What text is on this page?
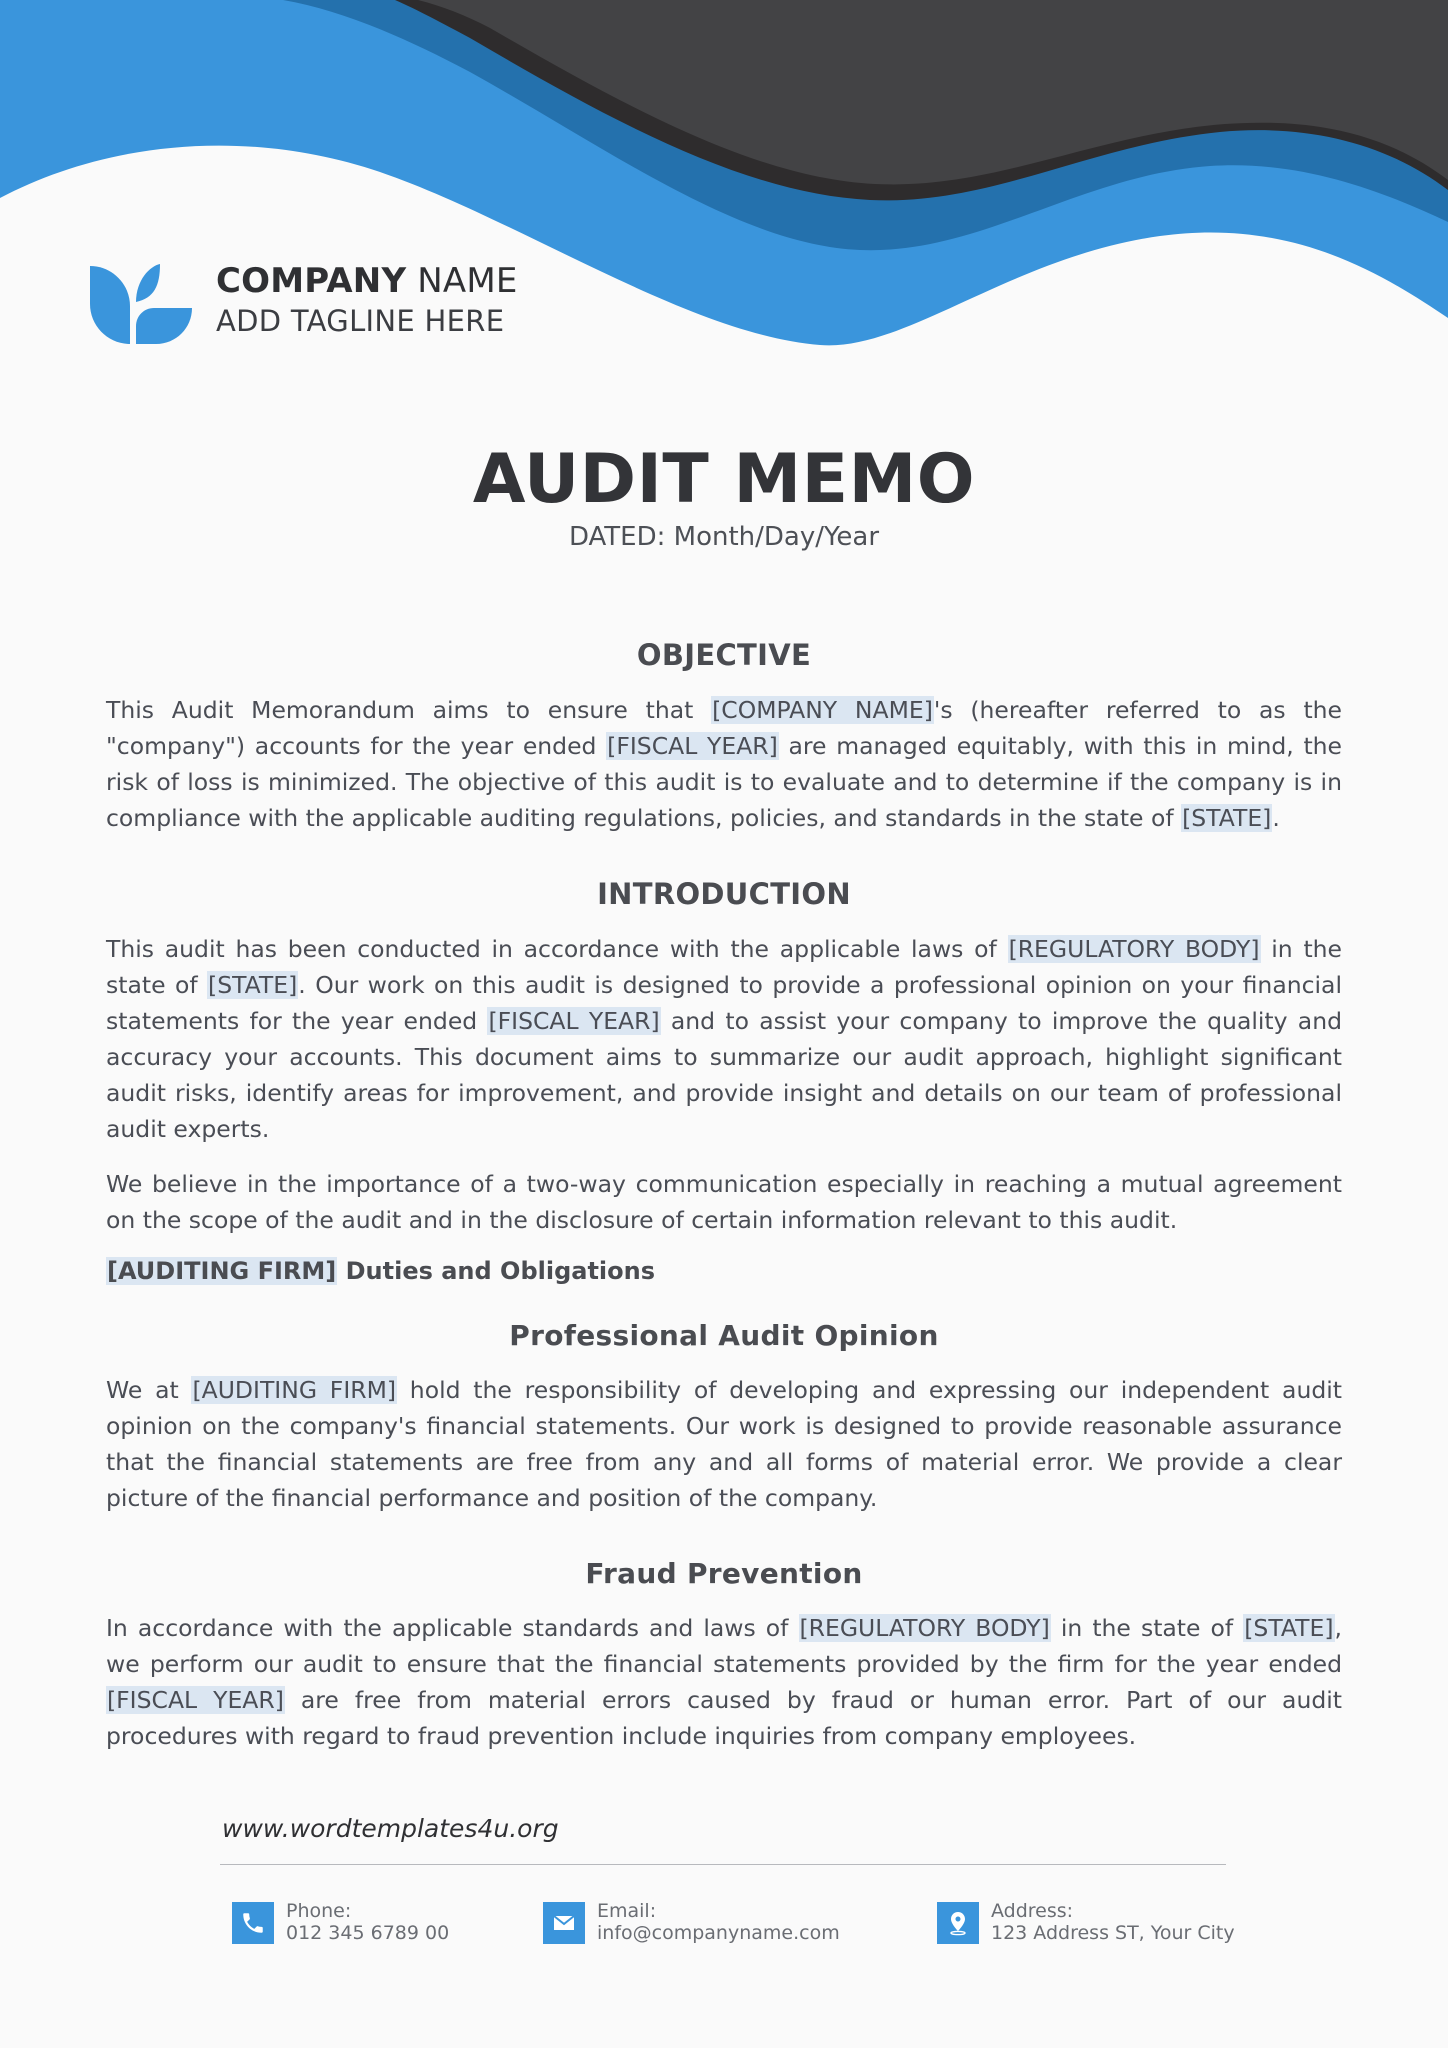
COMPANY NAME
ADD TAGLINE HERE
AUDIT MEMO
DATED: Month/Day/Year
OBJECTIVE

This Audit Memorandum aims to ensure that [COMPANY NAME]'s (hereafter referred to as the "company") accounts for the year ended [FISCAL YEAR] are managed equitably, with this in mind, the risk of loss is minimized. The objective of this audit is to evaluate and to determine if the company is in compliance with the applicable auditing regulations, policies, and standards in the state of [STATE].

INTRODUCTION

This audit has been conducted in accordance with the applicable laws of [REGULATORY BODY] in the state of [STATE]. Our work on this audit is designed to provide a professional opinion on your financial statements for the year ended [FISCAL YEAR] and to assist your company to improve the quality and accuracy your accounts. This document aims to summarize our audit approach, highlight significant audit risks, identify areas for improvement, and provide insight and details on our team of professional audit experts.

We believe in the importance of a two-way communication especially in reaching a mutual agreement on the scope of the audit and in the disclosure of certain information relevant to this audit.

[AUDITING FIRM] Duties and Obligations
Professional Audit Opinion

We at [AUDITING FIRM] hold the responsibility of developing and expressing our independent audit opinion on the company's financial statements. Our work is designed to provide reasonable assurance that the financial statements are free from any and all forms of material error. We provide a clear picture of the financial performance and position of the company.

Fraud Prevention

In accordance with the applicable standards and laws of [REGULATORY BODY] in the state of [STATE], we perform our audit to ensure that the financial statements provided by the firm for the year ended [FISCAL YEAR] are free from material errors caused by fraud or human error. Part of our audit procedures with regard to fraud prevention include inquiries from company employees.

www.wordtemplates4u.org
Phone:
012 345 6789 00
Email:
info@companyname.com
Address:
123 Address ST, Your City
